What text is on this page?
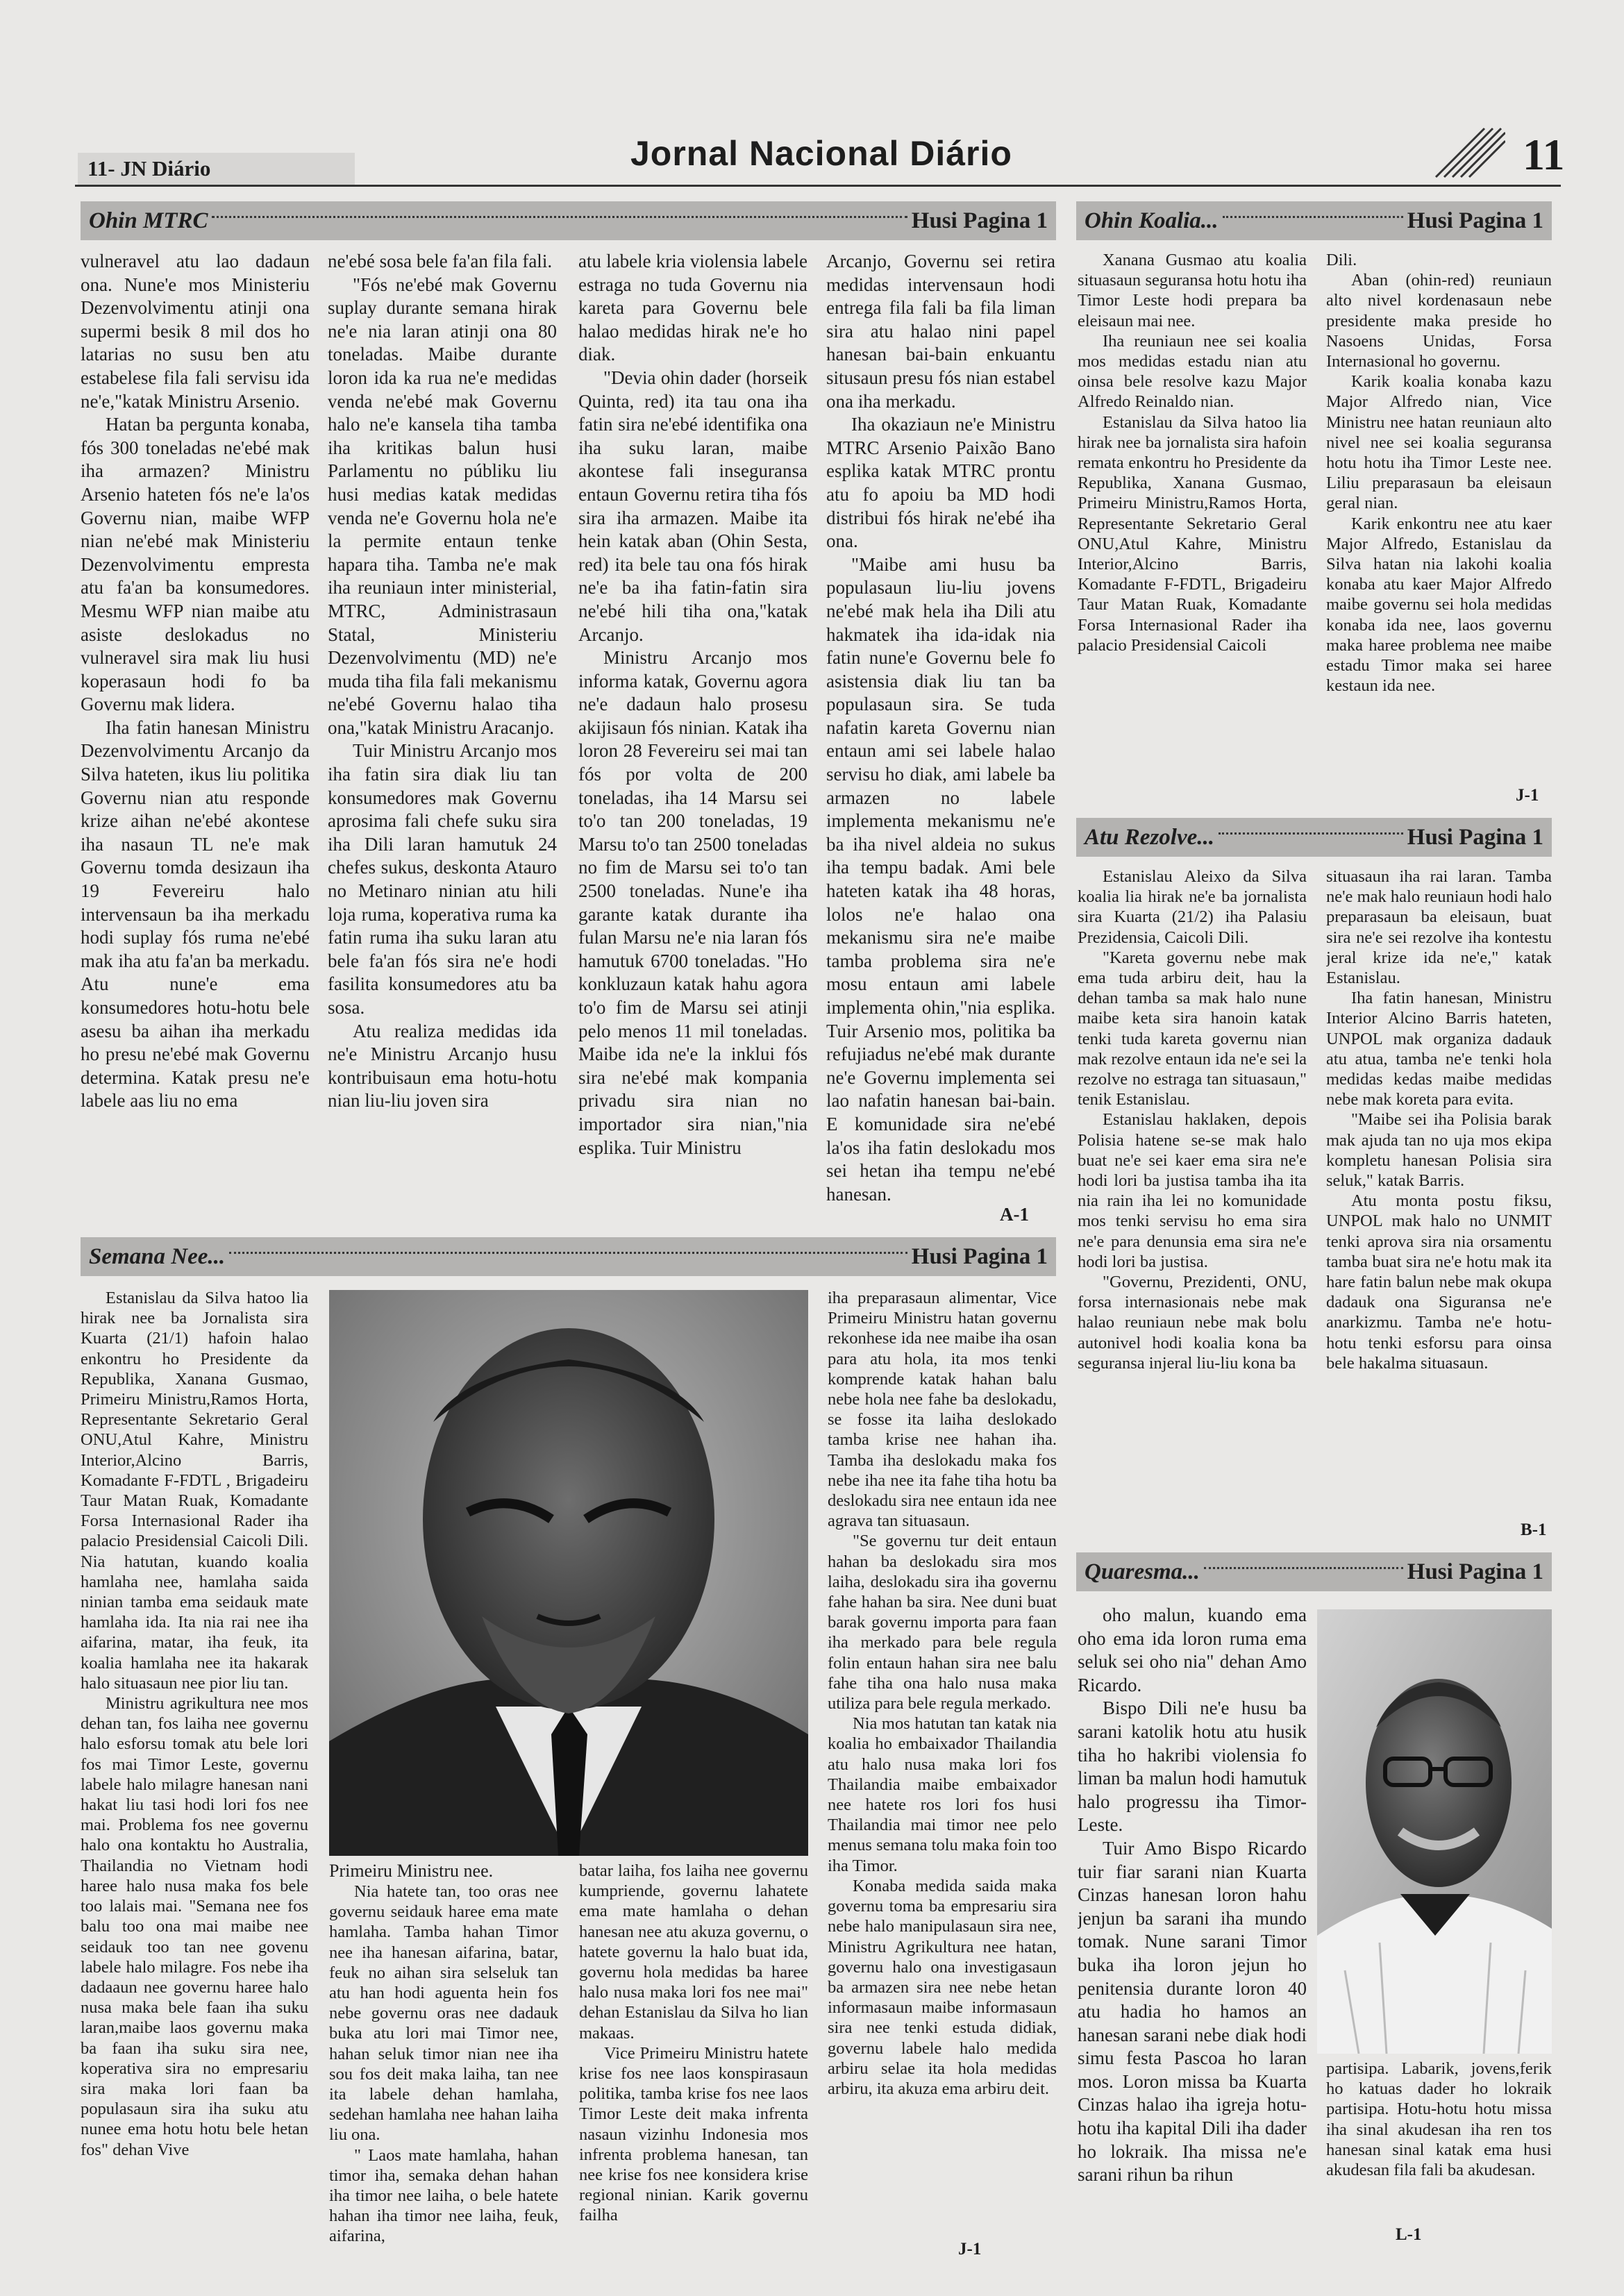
11- JN Diário	Jornal Nacional Diário	11
Ohin MTRC	Husi Pagina 1

vulneravel atu lao dadaun ona. Nune'e mos Ministeriu Dezenvolvimentu atinji ona supermi besik 8 mil dos ho latarias no susu ben atu estabelese fila fali servisu ida ne'e,"katak Ministru Arsenio.

Hatan ba pergunta konaba, fós 300 toneladas ne'ebé mak iha armazen? Ministru Arsenio hateten fós ne'e la'os Governu nian, maibe WFP nian ne'ebé mak Ministeriu Dezenvolvimentu empresta atu fa'an ba konsumedores. Mesmu WFP nian maibe atu asiste deslokadus no vulneravel sira mak liu husi koperasaun hodi fo ba Governu mak lidera.

Iha fatin hanesan Ministru Dezenvolvimentu Arcanjo da Silva hateten, ikus liu politika Governu nian atu responde krize aihan ne'ebé akontese iha nasaun TL ne'e mak Governu tomda desizaun iha 19 Fevereiru halo intervensaun ba iha merkadu hodi suplay fós ruma ne'ebé mak iha atu fa'an ba merkadu. Atu nune'e ema konsumedores hotu-hotu bele asesu ba aihan iha merkadu ho presu ne'ebé mak Governu determina. Katak presu ne'e labele aas liu no ema

ne'ebé sosa bele fa'an fila fali.

"Fós ne'ebé mak Governu suplay durante semana hirak ne'e nia laran atinji ona 80 toneladas. Maibe durante loron ida ka rua ne'e medidas venda ne'ebé mak Governu halo ne'e kansela tiha tamba iha kritikas balun husi Parlamentu no públiku liu husi medias katak medidas venda ne'e Governu hola ne'e la permite entaun tenke hapara tiha. Tamba ne'e mak iha reuniaun inter ministerial, MTRC, Administrasaun Statal, Ministeriu Dezenvolvimentu (MD) ne'e muda tiha fila fali mekanismu ne'ebé Governu halao tiha ona,"katak Ministru Aracanjo.

Tuir Ministru Arcanjo mos iha fatin sira diak liu tan konsumedores mak Governu aprosima fali chefe suku sira iha Dili laran hamutuk 24 chefes sukus, deskonta Atauro no Metinaro ninian atu hili loja ruma, koperativa ruma ka fatin ruma iha suku laran atu bele fa'an fós sira ne'e hodi fasilita konsumedores atu ba sosa.

Atu realiza medidas ida ne'e Ministru Arcanjo husu kontribuisaun ema hotu-hotu nian liu-liu joven sira

atu labele kria violensia labele estraga no tuda Governu nia kareta para Governu bele halao medidas hirak ne'e ho diak.

"Devia ohin dader (horseik Quinta, red) ita tau ona iha fatin sira ne'ebé identifika ona iha suku laran, maibe akontese fali inseguransa entaun Governu retira tiha fós sira iha armazen. Maibe ita hein katak aban (Ohin Sesta, red) ita bele tau ona fós hirak ne'e ba iha fatin-fatin sira ne'ebé hili tiha ona,"katak Arcanjo.

Ministru Arcanjo mos informa katak, Governu agora ne'e dadaun halo prosesu akijisaun fós ninian. Katak iha loron 28 Fevereiru sei mai tan fós por volta de 200 toneladas, iha 14 Marsu sei to'o tan 200 toneladas, 19 Marsu to'o tan 2500 toneladas no fim de Marsu sei to'o tan 2500 toneladas. Nune'e iha garante katak durante iha fulan Marsu ne'e nia laran fós hamutuk 6700 toneladas. "Ho konkluzaun katak hahu agora to'o fim de Marsu sei atinji pelo menos 11 mil toneladas. Maibe ida ne'e la inklui fós sira ne'ebé mak kompania privadu sira nian no importador sira nian,"nia esplika. Tuir Ministru

Arcanjo, Governu sei retira medidas intervensaun hodi entrega fila fali ba fila liman sira atu halao nini papel hanesan bai-bain enkuantu situsaun presu fós nian estabel ona iha merkadu.

Iha okaziaun ne'e Ministru MTRC Arsenio Paixão Bano esplika katak MTRC prontu atu fo apoiu ba MD hodi distribui fós hirak ne'ebé iha ona.

"Maibe ami husu ba populasaun liu-liu jovens ne'ebé mak hela iha Dili atu hakmatek iha ida-idak nia fatin nune'e Governu bele fo asistensia diak liu tan ba populasaun sira. Se tuda nafatin kareta Governu nian entaun ami sei labele halao servisu ho diak, ami labele ba armazen no labele implementa mekanismu ne'e ba iha nivel aldeia no sukus iha tempu badak. Ami bele hateten katak iha 48 horas, lolos ne'e halao ona mekanismu sira ne'e maibe tamba problema sira ne'e mosu entaun ami labele implementa ohin,"nia esplika. Tuir Arsenio mos, politika ba refujiadus ne'ebé mak durante ne'e Governu implementa sei lao nafatin hanesan bai-bain. E komunidade sira ne'ebé la'os iha fatin deslokadu mos sei hetan iha tempu ne'ebé hanesan.

A-1
Ohin Koalia...	Husi Pagina 1

Xanana Gusmao atu koalia situasaun seguransa hotu hotu iha Timor Leste hodi prepara ba eleisaun mai nee.

Iha reuniaun nee sei koalia mos medidas estadu nian atu oinsa bele resolve kazu Major Alfredo Reinaldo nian.

Estanislau da Silva hatoo lia hirak nee ba jornalista sira hafoin remata enkontru ho Presidente da Republika, Xanana Gusmao, Primeiru Ministru,Ramos Horta, Representante Sekretario Geral ONU,Atul Kahre, Ministru Interior,Alcino Barris, Komadante F-FDTL, Brigadeiru Taur Matan Ruak, Komadante Forsa Internasional Rader iha palacio Presidensial Caicoli

Dili.

Aban (ohin-red) reuniaun alto nivel kordenasaun nebe presidente maka preside ho Nasoens Unidas, Forsa Internasional ho governu.

Karik koalia konaba kazu Major Alfredo nian, Vice Ministru nee hatan reuniaun alto nivel nee sei koalia seguransa hotu hotu iha Timor Leste nee. Liliu preparasaun ba eleisaun geral nian.

Karik enkontru nee atu kaer Major Alfredo, Estanislau da Silva hatan nia lakohi koalia konaba atu kaer Major Alfredo maibe governu sei hola medidas konaba ida nee, laos governu maka haree problema nee maibe estadu Timor maka sei haree kestaun ida nee.

J-1
Atu Rezolve...	Husi Pagina 1

Estanislau Aleixo da Silva koalia lia hirak ne'e ba jornalista sira Kuarta (21/2) iha Palasiu Prezidensia, Caicoli Dili.

"Kareta governu nebe mak ema tuda arbiru deit, hau la dehan tamba sa mak halo nune maibe keta sira hanoin katak tenki tuda kareta governu nian mak rezolve entaun ida ne'e sei la rezolve no estraga tan situasaun," tenik Estanislau.

Estanislau haklaken, depois Polisia hatene se-se mak halo buat ne'e sei kaer ema sira ne'e hodi lori ba justisa tamba iha ita nia rain iha lei no komunidade mos tenki servisu ho ema sira ne'e para denunsia ema sira ne'e hodi lori ba justisa.

"Governu, Prezidenti, ONU, forsa internasionais nebe mak halao reuniaun nebe mak bolu autonivel hodi koalia kona ba seguransa injeral liu-liu kona ba

situasaun iha rai laran. Tamba ne'e mak halo reuniaun hodi halo preparasaun ba eleisaun, buat sira ne'e sei rezolve iha kontestu jeral krize ida ne'e," katak Estanislau.

Iha fatin hanesan, Ministru Interior Alcino Barris hateten, UNPOL mak organiza dadauk atu atua, tamba ne'e tenki hola medidas kedas maibe medidas nebe mak koreta para evita.

"Maibe sei iha Polisia barak mak ajuda tan no uja mos ekipa kompletu hanesan Polisia sira seluk," katak Barris.

Atu monta postu fiksu, UNPOL mak halo no UNMIT tenki aprova sira nia orsamentu tamba buat sira ne'e hotu mak ita hare fatin balun nebe mak okupa dadauk ona Siguransa ne'e anarkizmu. Tamba ne'e hotu-hotu tenki esforsu para oinsa bele hakalma situasaun.

B-1
Semana Nee...	Husi Pagina 1

Estanislau da Silva hatoo lia hirak nee ba Jornalista sira Kuarta (21/1) hafoin halao enkontru ho Presidente da Republika, Xanana Gusmao, Primeiru Ministru,Ramos Horta, Representante Sekretario Geral ONU,Atul Kahre, Ministru Interior,Alcino Barris, Komadante F-FDTL , Brigadeiru Taur Matan Ruak, Komadante Forsa Internasional Rader iha palacio Presidensial Caicoli Dili. Nia hatutan, kuando koalia hamlaha nee, hamlaha saida ninian tamba ema seidauk mate hamlaha ida. Ita nia rai nee iha aifarina, matar, iha feuk, ita koalia hamlaha nee ita hakarak halo situasaun nee pior liu tan.

Ministru agrikultura nee mos dehan tan, fos laiha nee governu halo esforsu tomak atu bele lori fos mai Timor Leste, governu labele halo milagre hanesan nani hakat liu tasi hodi lori fos nee mai. Problema fos nee governu halo ona kontaktu ho Australia, Thailandia no Vietnam hodi haree halo nusa maka fos bele too lalais mai. "Semana nee fos balu too ona mai maibe nee seidauk too tan nee govenu labele halo milagre. Fos nebe iha dadaaun nee governu haree halo nusa maka bele faan iha suku laran,maibe laos governu maka ba faan iha suku sira nee, koperativa sira no empresariu sira maka lori faan ba populasaun sira iha suku atu nunee ema hotu hotu bele hetan fos" dehan Vive

Primeiru Ministru nee.

Nia hatete tan, too oras nee governu seidauk haree ema mate hamlaha. Tamba hahan Timor nee iha hanesan aifarina, batar, feuk no aihan sira selseluk tan atu han hodi aguenta hein fos nebe governu oras nee dadauk buka atu lori mai Timor nee, hahan seluk timor nian nee iha sou fos deit maka laiha, tan nee ita labele dehan hamlaha, sedehan hamlaha nee hahan laiha liu ona.

" Laos mate hamlaha, hahan timor iha, semaka dehan hahan iha timor nee laiha, o bele hatete hahan iha timor nee laiha, feuk, aifarina,

batar laiha, fos laiha nee governu kumpriende, governu lahatete ema mate hamlaha o dehan hanesan nee atu akuza governu, o hatete governu la halo buat ida, governu hola medidas ba haree halo nusa maka lori fos nee mai" dehan Estanislau da Silva ho lian makaas.

Vice Primeiru Ministru hatete krise fos nee laos konspirasaun politika, tamba krise fos nee laos Timor Leste deit maka infrenta nasaun vizinhu Indonesia mos infrenta problema hanesan, tan nee krise fos nee konsidera krise regional ninian. Karik governu failha

iha preparasaun alimentar, Vice Primeiru Ministru hatan governu rekonhese ida nee maibe iha osan para atu hola, ita mos tenki komprende katak hahan balu nebe hola nee fahe ba deslokadu, se fosse ita laiha deslokado tamba krise nee hahan iha. Tamba iha deslokadu maka fos nebe iha nee ita fahe tiha hotu ba deslokadu sira nee entaun ida nee agrava tan situasaun.

"Se governu tur deit entaun hahan ba deslokadu sira mos laiha, deslokadu sira iha governu fahe hahan ba sira. Nee duni buat barak governu importa para faan iha merkado para bele regula folin entaun hahan sira nee balu fahe tiha ona halo nusa maka utiliza para bele regula merkado.

Nia mos hatutan tan katak nia koalia ho embaixador Thailandia atu halo nusa maka lori fos Thailandia maibe embaixador nee hatete ros lori fos husi Thailandia mai timor nee pelo menus semana tolu maka foin too iha Timor.

Konaba medida saida maka governu toma ba empresariu sira nebe halo manipulasaun sira nee, Ministru Agrikultura nee hatan, governu halo ona investigasaun ba armazen sira nee nebe hetan informasaun maibe informasaun sira nee tenki estuda didiak, governu labele halo medida arbiru selae ita hola medidas arbiru, ita akuza ema arbiru deit.

J-1
Quaresma...	Husi Pagina 1

oho malun, kuando ema oho ema ida loron ruma ema seluk sei oho nia" dehan Amo Ricardo.

Bispo Dili ne'e husu ba sarani katolik hotu atu husik tiha ho hakribi violensia fo liman ba malun hodi hamutuk halo progressu iha Timor-Leste.

Tuir Amo Bispo Ricardo tuir fiar sarani nian Kuarta Cinzas hanesan loron hahu jenjun ba sarani iha mundo tomak. Nune sarani Timor buka iha loron jejun ho penitensia durante loron 40 atu hadia ho hamos an hanesan sarani nebe diak hodi simu festa Pascoa ho laran mos. Loron missa ba Kuarta Cinzas halao iha igreja hotu-hotu iha kapital Dili iha dader ho lokraik. Iha missa ne'e sarani rihun ba rihun

partisipa. Labarik, jovens,ferik ho katuas dader ho lokraik partisipa. Hotu-hotu hotu missa iha sinal akudesan iha ren tos hanesan sinal katak ema husi akudesan fila fali ba akudesan.

L-1
